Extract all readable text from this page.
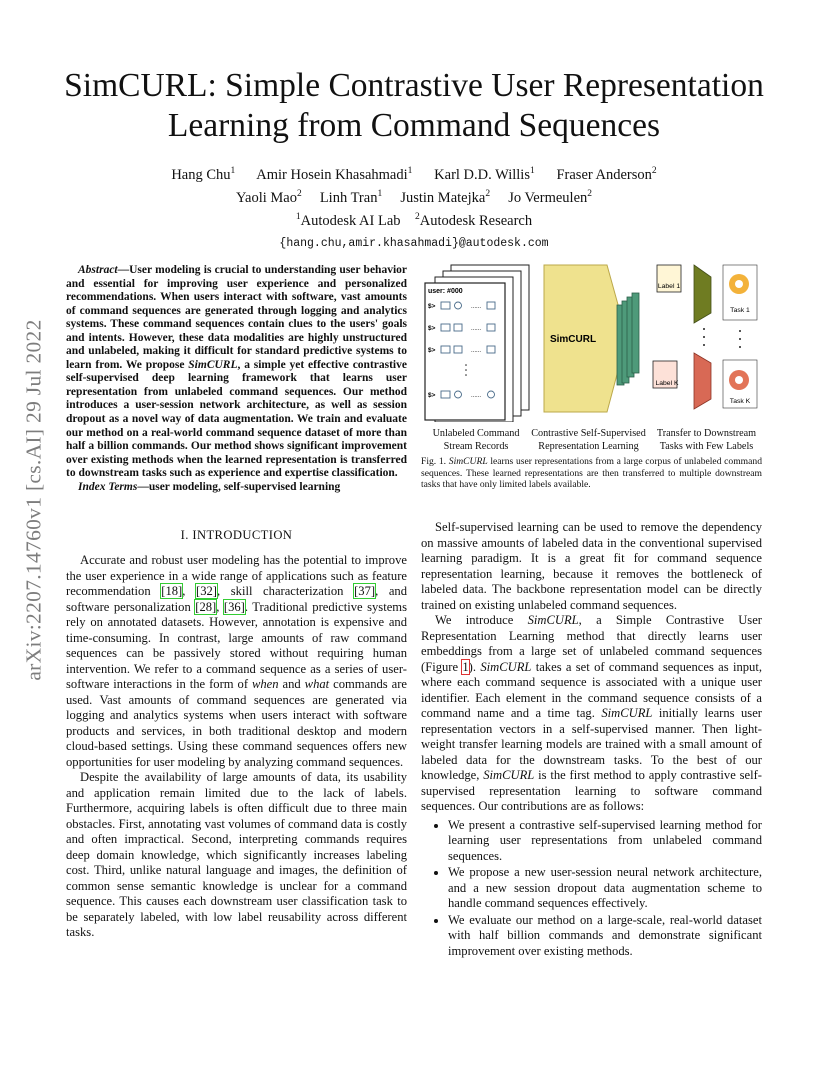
arXiv:2207.14760v1 [cs.AI] 29 Jul 2022
SimCURL: Simple Contrastive User Representation Learning from Command Sequences
Hang Chu$^1$ Amir Hosein Khasahmadi$^1$ Karl D.D. Willis$^1$ Fraser Anderson$^2$
Yaoli Mao$^2$ Linh Tran$^1$ Justin Matejka$^2$ Jo Vermeulen$^2$
$^1$Autodesk AI Lab $^2$Autodesk Research
{hang.chu,amir.khasahmadi}@autodesk.com

Abstract—User modeling is crucial to understanding user behavior and essential for improving user experience and personalized recommendations. When users interact with software, vast amounts of command sequences are generated through logging and analytics systems. These command sequences contain clues to the users' goals and intents. However, these data modalities are highly unstructured and unlabeled, making it difficult for standard predictive systems to learn from. We propose SimCURL, a simple yet effective contrastive self-supervised deep learning framework that learns user representation from unlabeled command sequences. Our method introduces a user-session network architecture, as well as session dropout as a novel way of data augmentation. We train and evaluate our method on a real-world command sequence dataset of more than half a billion commands. Our method shows significant improvement over existing methods when the learned representation is transferred to downstream tasks such as experience and expertise classification.

Index Terms—user modeling, self-supervised learning

user: #000
$>
$>
$>
$>
......
......
......
......
SimCURL
Label 1
Task 1
Label K
Task K
Unlabeled Command Stream Records
Contrastive Self-Supervised Representation Learning
Transfer to Downstream Tasks with Few Labels
Fig. 1. SimCURL learns user representations from a large corpus of unlabeled command sequences. These learned representations are then transferred to multiple downstream tasks that have only limited labels available.
I. INTRODUCTION

Accurate and robust user modeling has the potential to improve the user experience in a wide range of applications such as feature recommendation [18], [32], skill characterization [37], and software personalization [28], [36]. Traditional predictive systems rely on annotated datasets. However, annotation is expensive and time-consuming. In contrast, large amounts of raw command sequences can be passively stored without requiring human intervention. We refer to a command sequence as a series of user-software interactions in the form of when and what commands are used. Vast amounts of command sequences are generated via logging and analytics systems when users interact with software products and services, in both traditional desktop and modern cloud-based settings. Using these command sequences offers new opportunities for user modeling by analyzing command sequences.

Despite the availability of large amounts of data, its usability and application remain limited due to the lack of labels. Furthermore, acquiring labels is often difficult due to three main obstacles. First, annotating vast volumes of command data is costly and often impractical. Second, interpreting commands requires deep domain knowledge, which significantly increases labeling cost. Third, unlike natural language and images, the definition of common sense semantic knowledge is unclear for a command sequence. This causes each downstream user classification task to be separately labeled, with low label reusability across different tasks.

Self-supervised learning can be used to remove the dependency on massive amounts of labeled data in the conventional supervised learning paradigm. It is a great fit for command sequence representation learning, because it removes the bottleneck of labeled data. The backbone representation model can be directly trained on existing unlabeled command sequences.

We introduce SimCURL, a Simple Contrastive User Representation Learning method that directly learns user embeddings from a large set of unlabeled command sequences (Figure 1). SimCURL takes a set of command sequences as input, where each command sequence is associated with a unique user identifier. Each element in the command sequence consists of a command name and a time tag. SimCURL initially learns user representation vectors in a self-supervised manner. Then light-weight transfer learning models are trained with a small amount of labeled data for the downstream tasks. To the best of our knowledge, SimCURL is the first method to apply contrastive self-supervised representation learning to software command sequences. Our contributions are as follows:

• We present a contrastive self-supervised learning method for learning user representations from unlabeled command sequences.
• We propose a new user-session neural network architecture, and a new session dropout data augmentation scheme to handle command sequences effectively.
• We evaluate our method on a large-scale, real-world dataset with half billion commands and demonstrate significant improvement over existing methods.
